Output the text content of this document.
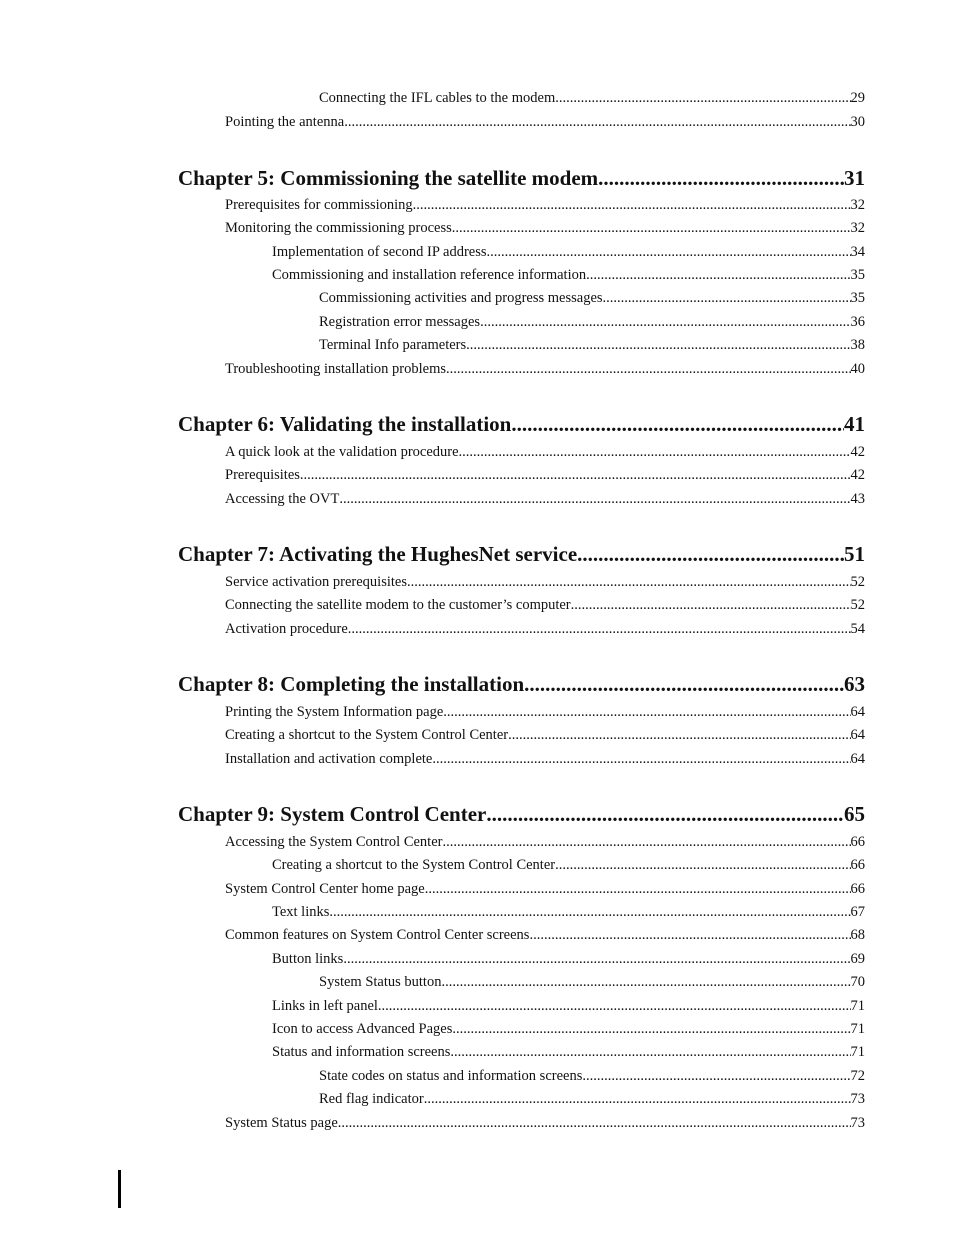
Connecting the IFL cables to the modem .....	29
Pointing the antenna .....	30
Chapter 5: Commissioning the satellite modem .....	31
Prerequisites for commissioning .....	32
Monitoring the commissioning process .....	32
Implementation of second IP address .....	34
Commissioning and installation reference information .....	35
Commissioning activities and progress messages .....	35
Registration error messages .....	36
Terminal Info parameters .....	38
Troubleshooting installation problems .....	40
Chapter 6: Validating the installation .....	41
A quick look at the validation procedure .....	42
Prerequisites .....	42
Accessing the OVT .....	43
Chapter 7: Activating the HughesNet service .....	51
Service activation prerequisites .....	52
Connecting the satellite modem to the customer’s computer .....	52
Activation procedure .....	54
Chapter 8: Completing the installation .....	63
Printing the System Information page .....	64
Creating a shortcut to the System Control Center .....	64
Installation and activation complete .....	64
Chapter 9: System Control Center .....	65
Accessing the System Control Center .....	66
Creating a shortcut to the System Control Center .....	66
System Control Center home page .....	66
Text links .....	67
Common features on System Control Center screens .....	68
Button links .....	69
System Status button .....	70
Links in left panel .....	71
Icon to access Advanced Pages .....	71
Status and information screens .....	71
State codes on status and information screens .....	72
Red flag indicator .....	73
System Status page .....	73
